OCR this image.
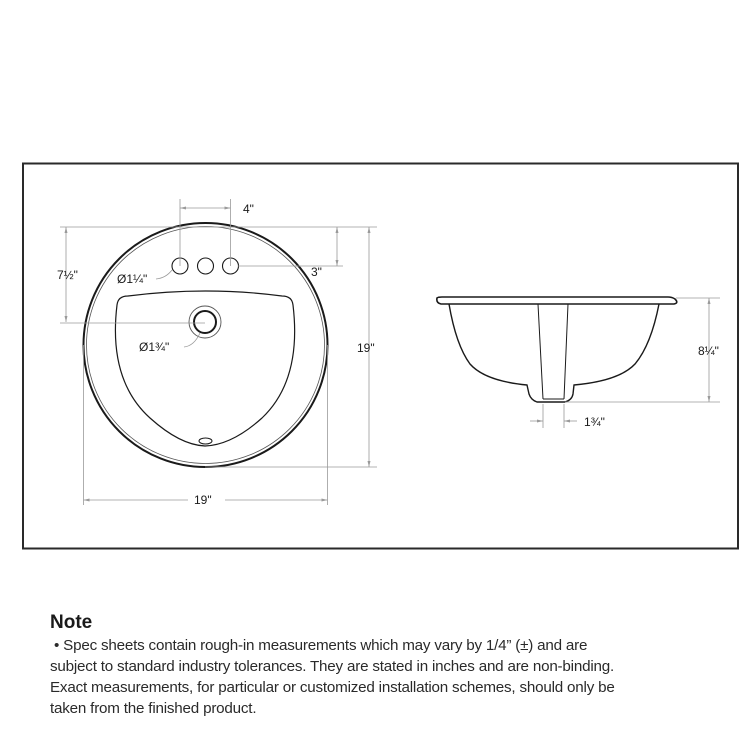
4"
7½"	Ø1¼"	3"
Ø1¾"	19"
19"
8¼"
1¾"
Note

• Spec sheets contain rough-in measurements which may vary by 1/4” (±) and are

subject to standard industry tolerances. They are stated in inches and are non-binding.

Exact measurements, for particular or customized installation schemes, should only be

taken from the finished product.
